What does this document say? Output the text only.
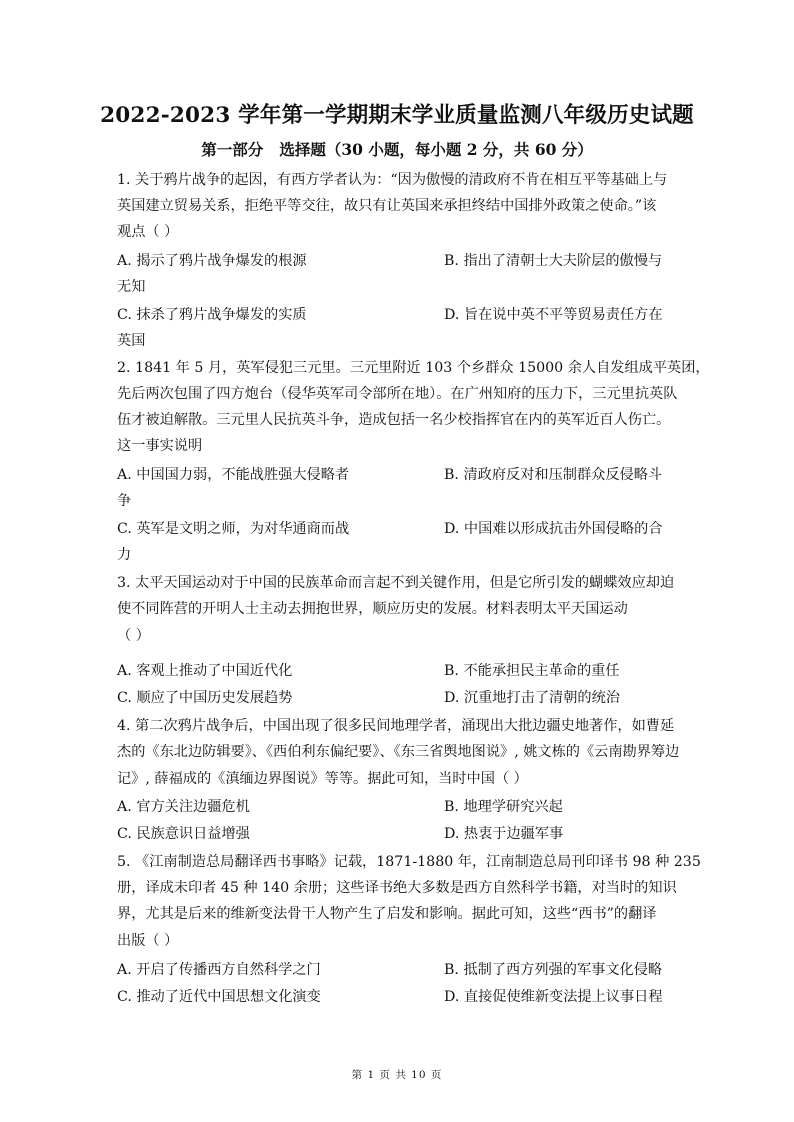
2022-2023 学年第一学期期末学业质量监测八年级历史试题
第一部分   选择题（30 小题，每小题 2 分，共 60 分）
1. 关于鸦片战争的起因，有西方学者认为：“因为傲慢的清政府不肯在相互平等基础上与
英国建立贸易关系，拒绝平等交往，故只有让英国来承担终结中国排外政策之使命。”该
观点（ ）
A. 揭示了鸦片战争爆发的根源	B. 指出了清朝士大夫阶层的傲慢与
无知
C. 抹杀了鸦片战争爆发的实质	D. 旨在说中英不平等贸易责任方在
英国
2. 1841 年 5 月，英军侵犯三元里。三元里附近 103 个乡群众 15000 余人自发组成平英团，
先后两次包围了四方炮台（侵华英军司令部所在地）。在广州知府的压力下，三元里抗英队
伍才被迫解散。三元里人民抗英斗争，造成包括一名少校指挥官在内的英军近百人伤亡。
这一事实说明
A. 中国国力弱，不能战胜强大侵略者	B. 清政府反对和压制群众反侵略斗
争
C. 英军是文明之师，为对华通商而战	D. 中国难以形成抗击外国侵略的合
力
3. 太平天国运动对于中国的民族革命而言起不到关键作用，但是它所引发的蝴蝶效应却迫
使不同阵营的开明人士主动去拥抱世界，顺应历史的发展。材料表明太平天国运动
（ ）
A. 客观上推动了中国近代化	B. 不能承担民主革命的重任
C. 顺应了中国历史发展趋势	D. 沉重地打击了清朝的统治
4. 第二次鸦片战争后，中国出现了很多民间地理学者，涌现出大批边疆史地著作，如曹延
杰的《东北边防辑要》、《西伯利东偏纪要》、《东三省舆地图说》, 姚文栋的《云南勘界筹边
记》, 薛福成的《滇缅边界图说》等等。据此可知，当时中国（ ）
A. 官方关注边疆危机	B. 地理学研究兴起
C. 民族意识日益增强	D. 热衷于边疆军事
5. 《江南制造总局翻译西书事略》记载，1871-1880 年，江南制造总局刊印译书 98 种 235
册，译成未印者 45 种 140 余册；这些译书绝大多数是西方自然科学书籍，对当时的知识
界，尤其是后来的维新变法骨干人物产生了启发和影响。据此可知，这些“西书”的翻译
出版（ ）
A. 开启了传播西方自然科学之门	B. 抵制了西方列强的军事文化侵略
C. 推动了近代中国思想文化演变	D. 直接促使维新变法提上议事日程
第 1 页 共 10 页
